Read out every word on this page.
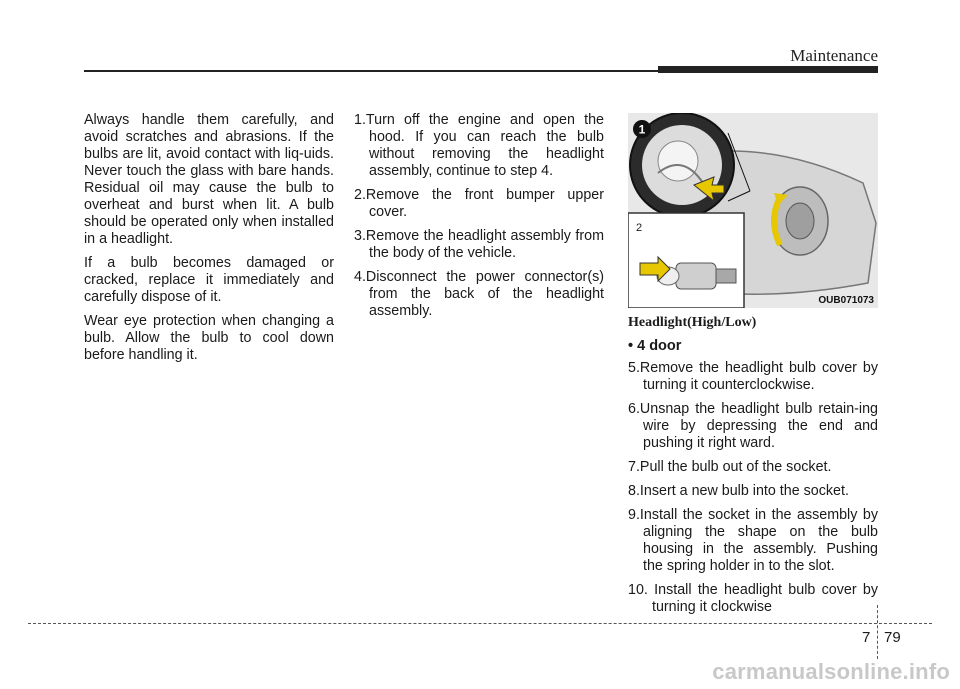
Maintenance

Always handle them carefully, and avoid scratches and abrasions. If the bulbs are lit, avoid contact with liq-uids. Never touch the glass with bare hands. Residual oil may cause the bulb to overheat and burst when lit. A bulb should be operated only when installed in a headlight.

If a bulb becomes damaged or cracked, replace it immediately and carefully dispose of it.

Wear eye protection when changing a bulb. Allow the bulb to cool down before handling it.

1.Turn off the engine and open the hood. If you can reach the bulb without removing the headlight assembly, continue to step 4.

2.Remove the front bumper upper cover.

3.Remove the headlight assembly from the body of the vehicle.

4.Disconnect the power connector(s) from the back of the headlight assembly.

1
2
OUB071073
Headlight(High/Low)
• 4 door

5.Remove the headlight bulb cover by turning it counterclockwise.

6.Unsnap the headlight bulb retain-ing wire by depressing the end and pushing it right ward.

7.Pull the bulb out of the socket.

8.Insert a new bulb into the socket.

9.Install the socket in the assembly by aligning the shape on the bulb housing in the assembly. Pushing the spring holder in to the slot.

10. Install the headlight bulb cover by turning it clockwise

7 79
carmanualsonline.info
